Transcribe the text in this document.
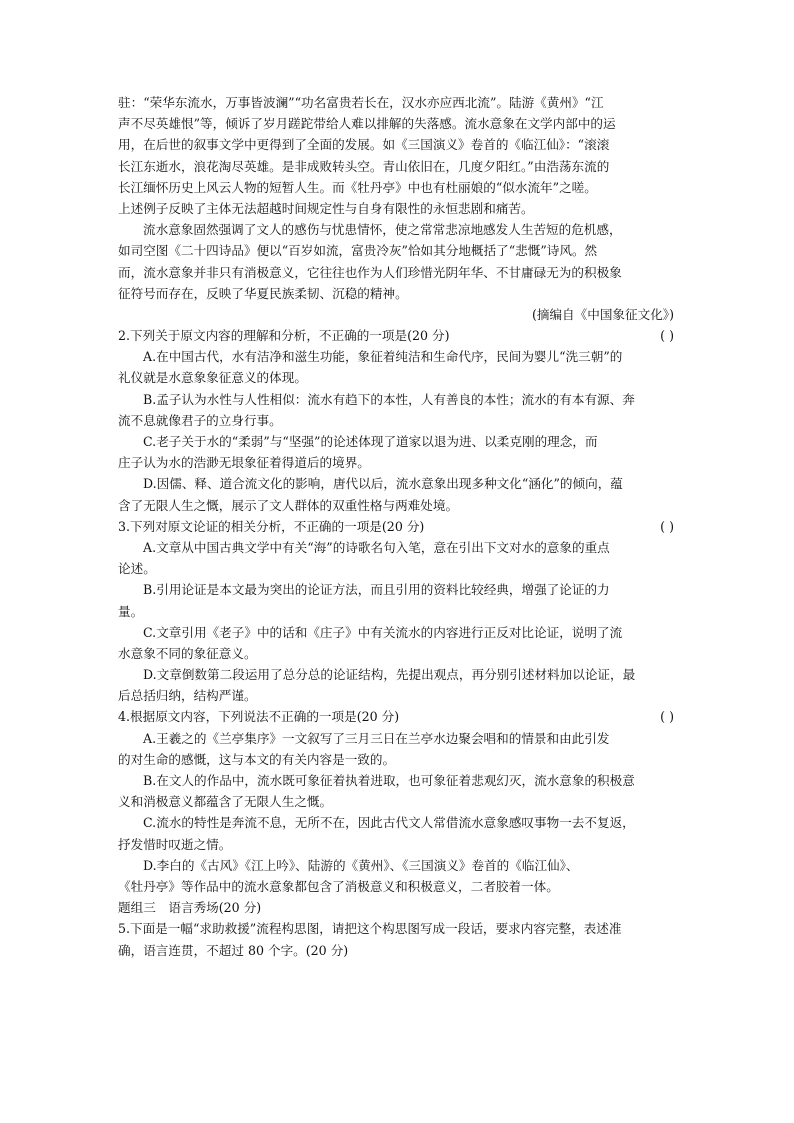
驻：“荣华东流水，万事皆波澜”“功名富贵若长在，汉水亦应西北流”。陆游《黄州》“江
声不尽英雄恨”等，倾诉了岁月蹉跎带给人难以排解的失落感。流水意象在文学内部中的运
用，在后世的叙事文学中更得到了全面的发展。如《三国演义》卷首的《临江仙》：“滚滚
长江东逝水，浪花淘尽英雄。是非成败转头空。青山依旧在，几度夕阳红。”由浩荡东流的
长江缅怀历史上风云人物的短暂人生。而《牡丹亭》中也有杜丽娘的“似水流年”之嗟。
上述例子反映了主体无法超越时间规定性与自身有限性的永恒悲剧和痛苦。
流水意象固然强调了文人的感伤与忧患情怀，使之常常悲凉地感发人生苦短的危机感，
如司空图《二十四诗品》便以“百岁如流，富贵冷灰”恰如其分地概括了“悲慨”诗风。然
而，流水意象并非只有消极意义，它往往也作为人们珍惜光阴年华、不甘庸碌无为的积极象
征符号而存在，反映了华夏民族柔韧、沉稳的精神。
(摘编自《中国象征文化》)
2.下列关于原文内容的理解和分析，不正确的一项是(20 分)	( )
A.在中国古代，水有洁净和滋生功能，象征着纯洁和生命代序，民间为婴儿“洗三朝”的
礼仪就是水意象象征意义的体现。
B.孟子认为水性与人性相似：流水有趋下的本性，人有善良的本性；流水的有本有源、奔
流不息就像君子的立身行事。
C.老子关于水的“柔弱”与“坚强”的论述体现了道家以退为进、以柔克刚的理念，而
庄子认为水的浩渺无垠象征着得道后的境界。
D.因儒、释、道合流文化的影响，唐代以后，流水意象出现多种文化“涵化”的倾向，蕴
含了无限人生之慨，展示了文人群体的双重性格与两难处境。
3.下列对原文论证的相关分析，不正确的一项是(20 分)	( )
A.文章从中国古典文学中有关“海”的诗歌名句入笔，意在引出下文对水的意象的重点
论述。
B.引用论证是本文最为突出的论证方法，而且引用的资料比较经典，增强了论证的力
量。
C.文章引用《老子》中的话和《庄子》中有关流水的内容进行正反对比论证，说明了流
水意象不同的象征意义。
D.文章倒数第二段运用了总分总的论证结构，先提出观点，再分别引述材料加以论证，最
后总括归纳，结构严谨。
4.根据原文内容，下列说法不正确的一项是(20 分)	( )
A.王羲之的《兰亭集序》一文叙写了三月三日在兰亭水边聚会唱和的情景和由此引发
的对生命的感慨，这与本文的有关内容是一致的。
B.在文人的作品中，流水既可象征着执着进取，也可象征着悲观幻灭，流水意象的积极意
义和消极意义都蕴含了无限人生之慨。
C.流水的特性是奔流不息，无所不在，因此古代文人常借流水意象感叹事物一去不复返，
抒发惜时叹逝之情。
D.李白的《古风》《江上吟》、陆游的《黄州》、《三国演义》卷首的《临江仙》、
《牡丹亭》等作品中的流水意象都包含了消极意义和积极意义，二者胶着一体。
题组三　语言秀场(20 分)
5.下面是一幅“求助救援”流程构思图，请把这个构思图写成一段话，要求内容完整，表述准
确，语言连贯，不超过 80 个字。(20 分)
